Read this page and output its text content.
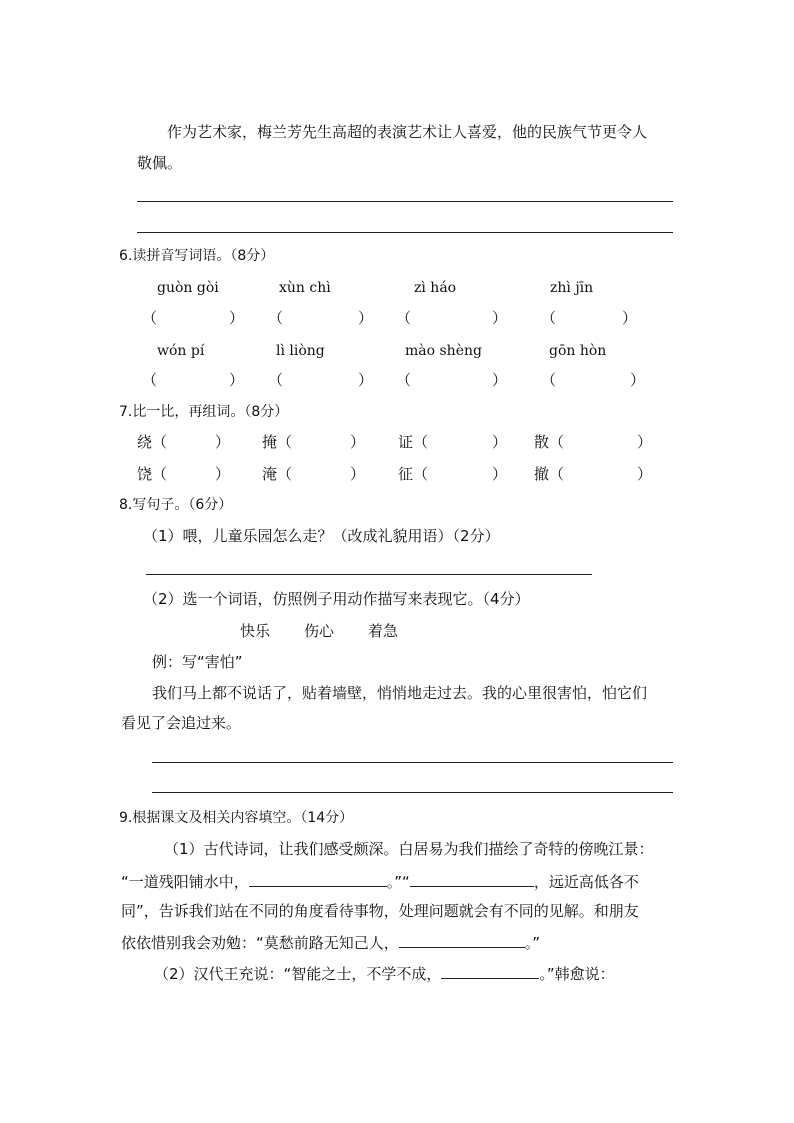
作为艺术家，梅兰芳先生高超的表演艺术让人喜爱，他的民族气节更令人
敬佩。
6.读拼音写词语。（8分）
guòn gòi	xùn chì	zì háo	zhì jīn
（	） （	） （	） （	）
wón pí	lì liòng	mào shèng	gōn hòn
（	） （	） （	） （	）
7.比一比，再组词。（8分）
绕（	） 掩（	） 证（	） 散（	）
饶（	） 淹（	） 征（	） 撤（	）
8.写句子。（6分）
（1）喂，儿童乐园怎么走？（改成礼貌用语）（2分）
（2）选一个词语，仿照例子用动作描写来表现它。（4分）
快乐 伤心 着急
例：写“害怕”
我们马上都不说话了，贴着墙壁，悄悄地走过去。我的心里很害怕，怕它们
看见了会追过来。
9.根据课文及相关内容填空。（14分）
（1）古代诗词，让我们感受颇深。白居易为我们描绘了奇特的傍晚江景：
“一道残阳铺水中，	。”“	，远近高低各不
同”，告诉我们站在不同的角度看待事物，处理问题就会有不同的见解。和朋友
依依惜别我会劝勉：“莫愁前路无知己人，	。”
（2）汉代王充说：“智能之士，不学不成，	。”韩愈说：
